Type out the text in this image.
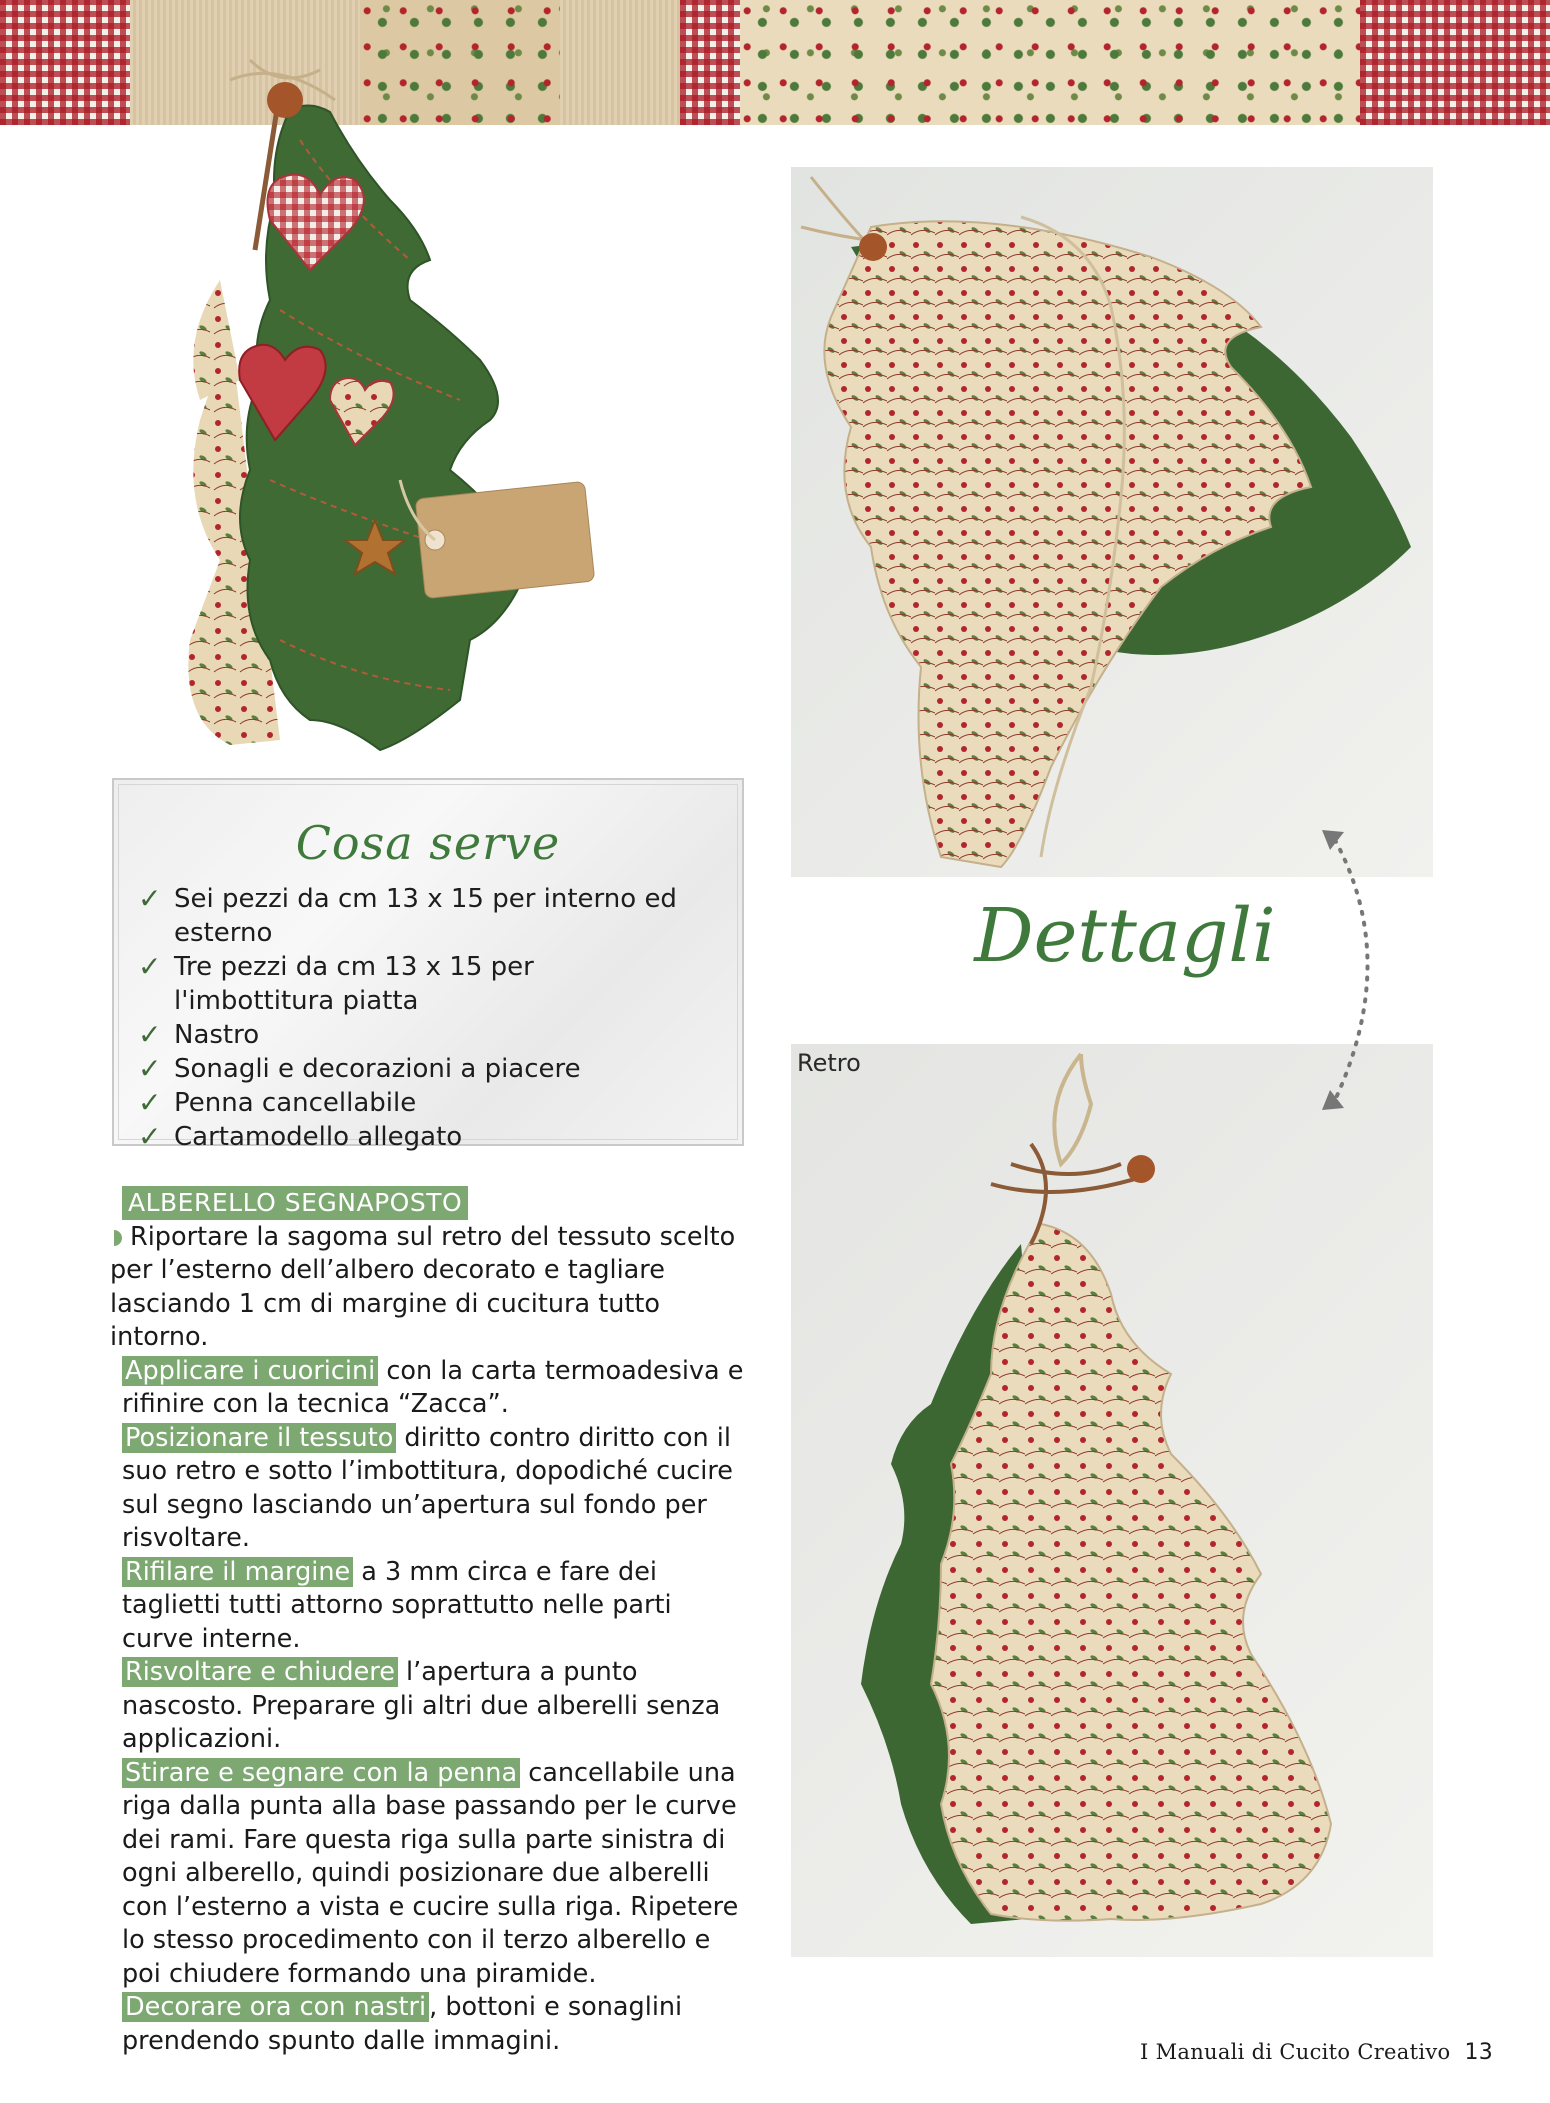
Cosa serve
✓ Sei pezzi da cm 13 x 15 per interno ed esterno
✓ Tre pezzi da cm 13 x 15 per l'imbottitura piatta
✓ Nastro
✓ Sonagli e decorazioni a piacere
✓ Penna cancellabile
✓ Cartamodello allegato

ALBERELLO SEGNAPOSTO

Riportare la sagoma sul retro del tessuto scelto per l’esterno dell’albero decorato e tagliare lasciando 1 cm di margine di cucitura tutto intorno.

Applicare i cuoricini con la carta termoadesiva e rifinire con la tecnica “Zacca”.

Posizionare il tessuto diritto contro diritto con il suo retro e sotto l’imbottitura, dopodiché cucire sul segno lasciando un’apertura sul fondo per risvoltare.

Rifilare il margine a 3 mm circa e fare dei taglietti tutti attorno soprattutto nelle parti curve interne.

Risvoltare e chiudere l’apertura a punto nascosto. Preparare gli altri due alberelli senza applicazioni.

Stirare e segnare con la penna cancellabile una riga dalla punta alla base passando per le curve dei rami. Fare questa riga sulla parte sinistra di ogni alberello, quindi posizionare due alberelli con l’esterno a vista e cucire sulla riga. Ripetere lo stesso procedimento con il terzo alberello e poi chiudere formando una piramide.

Decorare ora con nastri , bottoni e sonaglini prendendo spunto dalle immagini.

Dettagli
Retro
I Manuali di Cucito Creativo 13
